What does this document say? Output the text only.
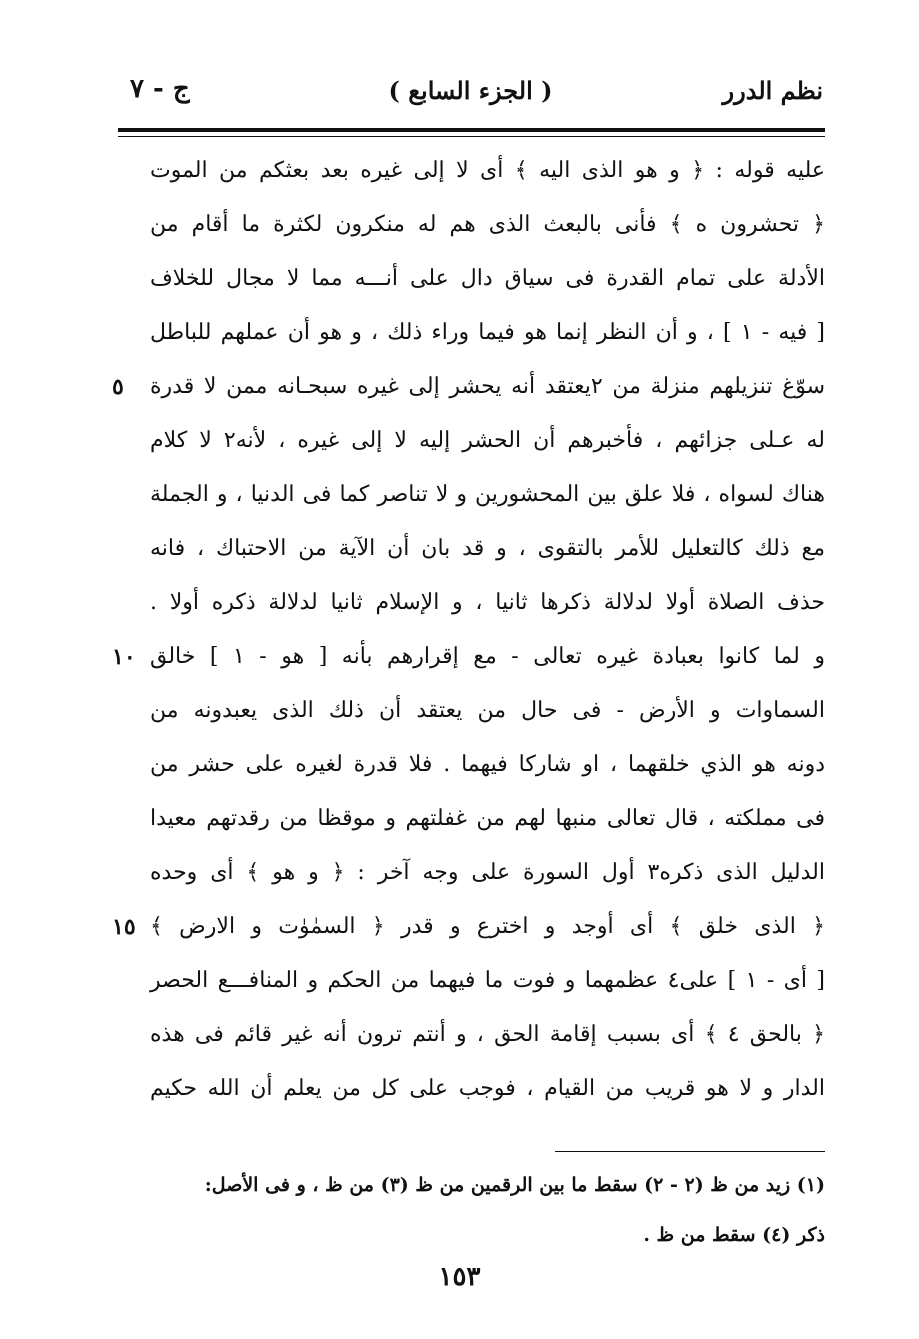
نظم الدرر
( الجزء السابع )
ج - ٧
عليه قوله : ﴿ و هو الذى اليه ﴾ أى لا إلى غيره بعد بعثكم من الموت
﴿ تحشرون ه ﴾ فأنى بالبعث الذى هم له منكرون لكثرة ما أقام من
الأدلة على تمام القدرة فى سياق دال على أنـــه مما لا مجال للخلاف
[ فيه - ١ ] ، و أن النظر إنما هو فيما وراء ذلك ، و هو أن عملهم للباطل
سوّغ تنزيلهم منزلة من ٢يعتقد أنه يحشر إلى غيره سبحـانه ممن لا قدرة
له عـلى جزائهم ، فأخبرهم أن الحشر إليه لا إلى غيره ، لأنه٢ لا كلام
هناك لسواه ، فلا علق بين المحشورين و لا تناصر كما فى الدنيا ، و الجملة
مع ذلك كالتعليل للأمر بالتقوى ، و قد بان أن الآية من الاحتباك ، فانه
حذف الصلاة أولا لدلالة ذكرها ثانيا ، و الإسلام ثانيا لدلالة ذكره أولا .
و لما كانوا بعبادة غيره تعالى - مع إقرارهم بأنه [ هو - ١ ] خالق
السماوات و الأرض - فى حال من يعتقد أن ذلك الذى يعبدونه من
دونه هو الذي خلقهما ، او شاركا فيهما . فلا قدرة لغيره على حشر من
فى مملكته ، قال تعالى منبها لهم من غفلتهم و موقظا من رقدتهم معيدا
الدليل الذى ذكره٣ أول السورة على وجه آخر : ﴿ و هو ﴾ أى وحده
﴿ الذى خلق ﴾ أى أوجد و اخترع و قدر ﴿ السمٰوٰت و الارض ﴾
[ أى - ١ ] على٤ عظمهما و فوت ما فيهما من الحكم و المنافـــع الحصر
﴿ بالحق ٤ ﴾ أى بسبب إقامة الحق ، و أنتم ترون أنه غير قائم فى هذه
الدار و لا هو قريب من القيام ، فوجب على كل من يعلم أن الله حكيم
٥
١٠
١٥
(١) زيد من ظ (٢ - ٢) سقط ما بين الرقمين من ظ (٣) من ظ ، و فى الأصل:
ذكر (٤) سقط من ظ .
١٥٣
